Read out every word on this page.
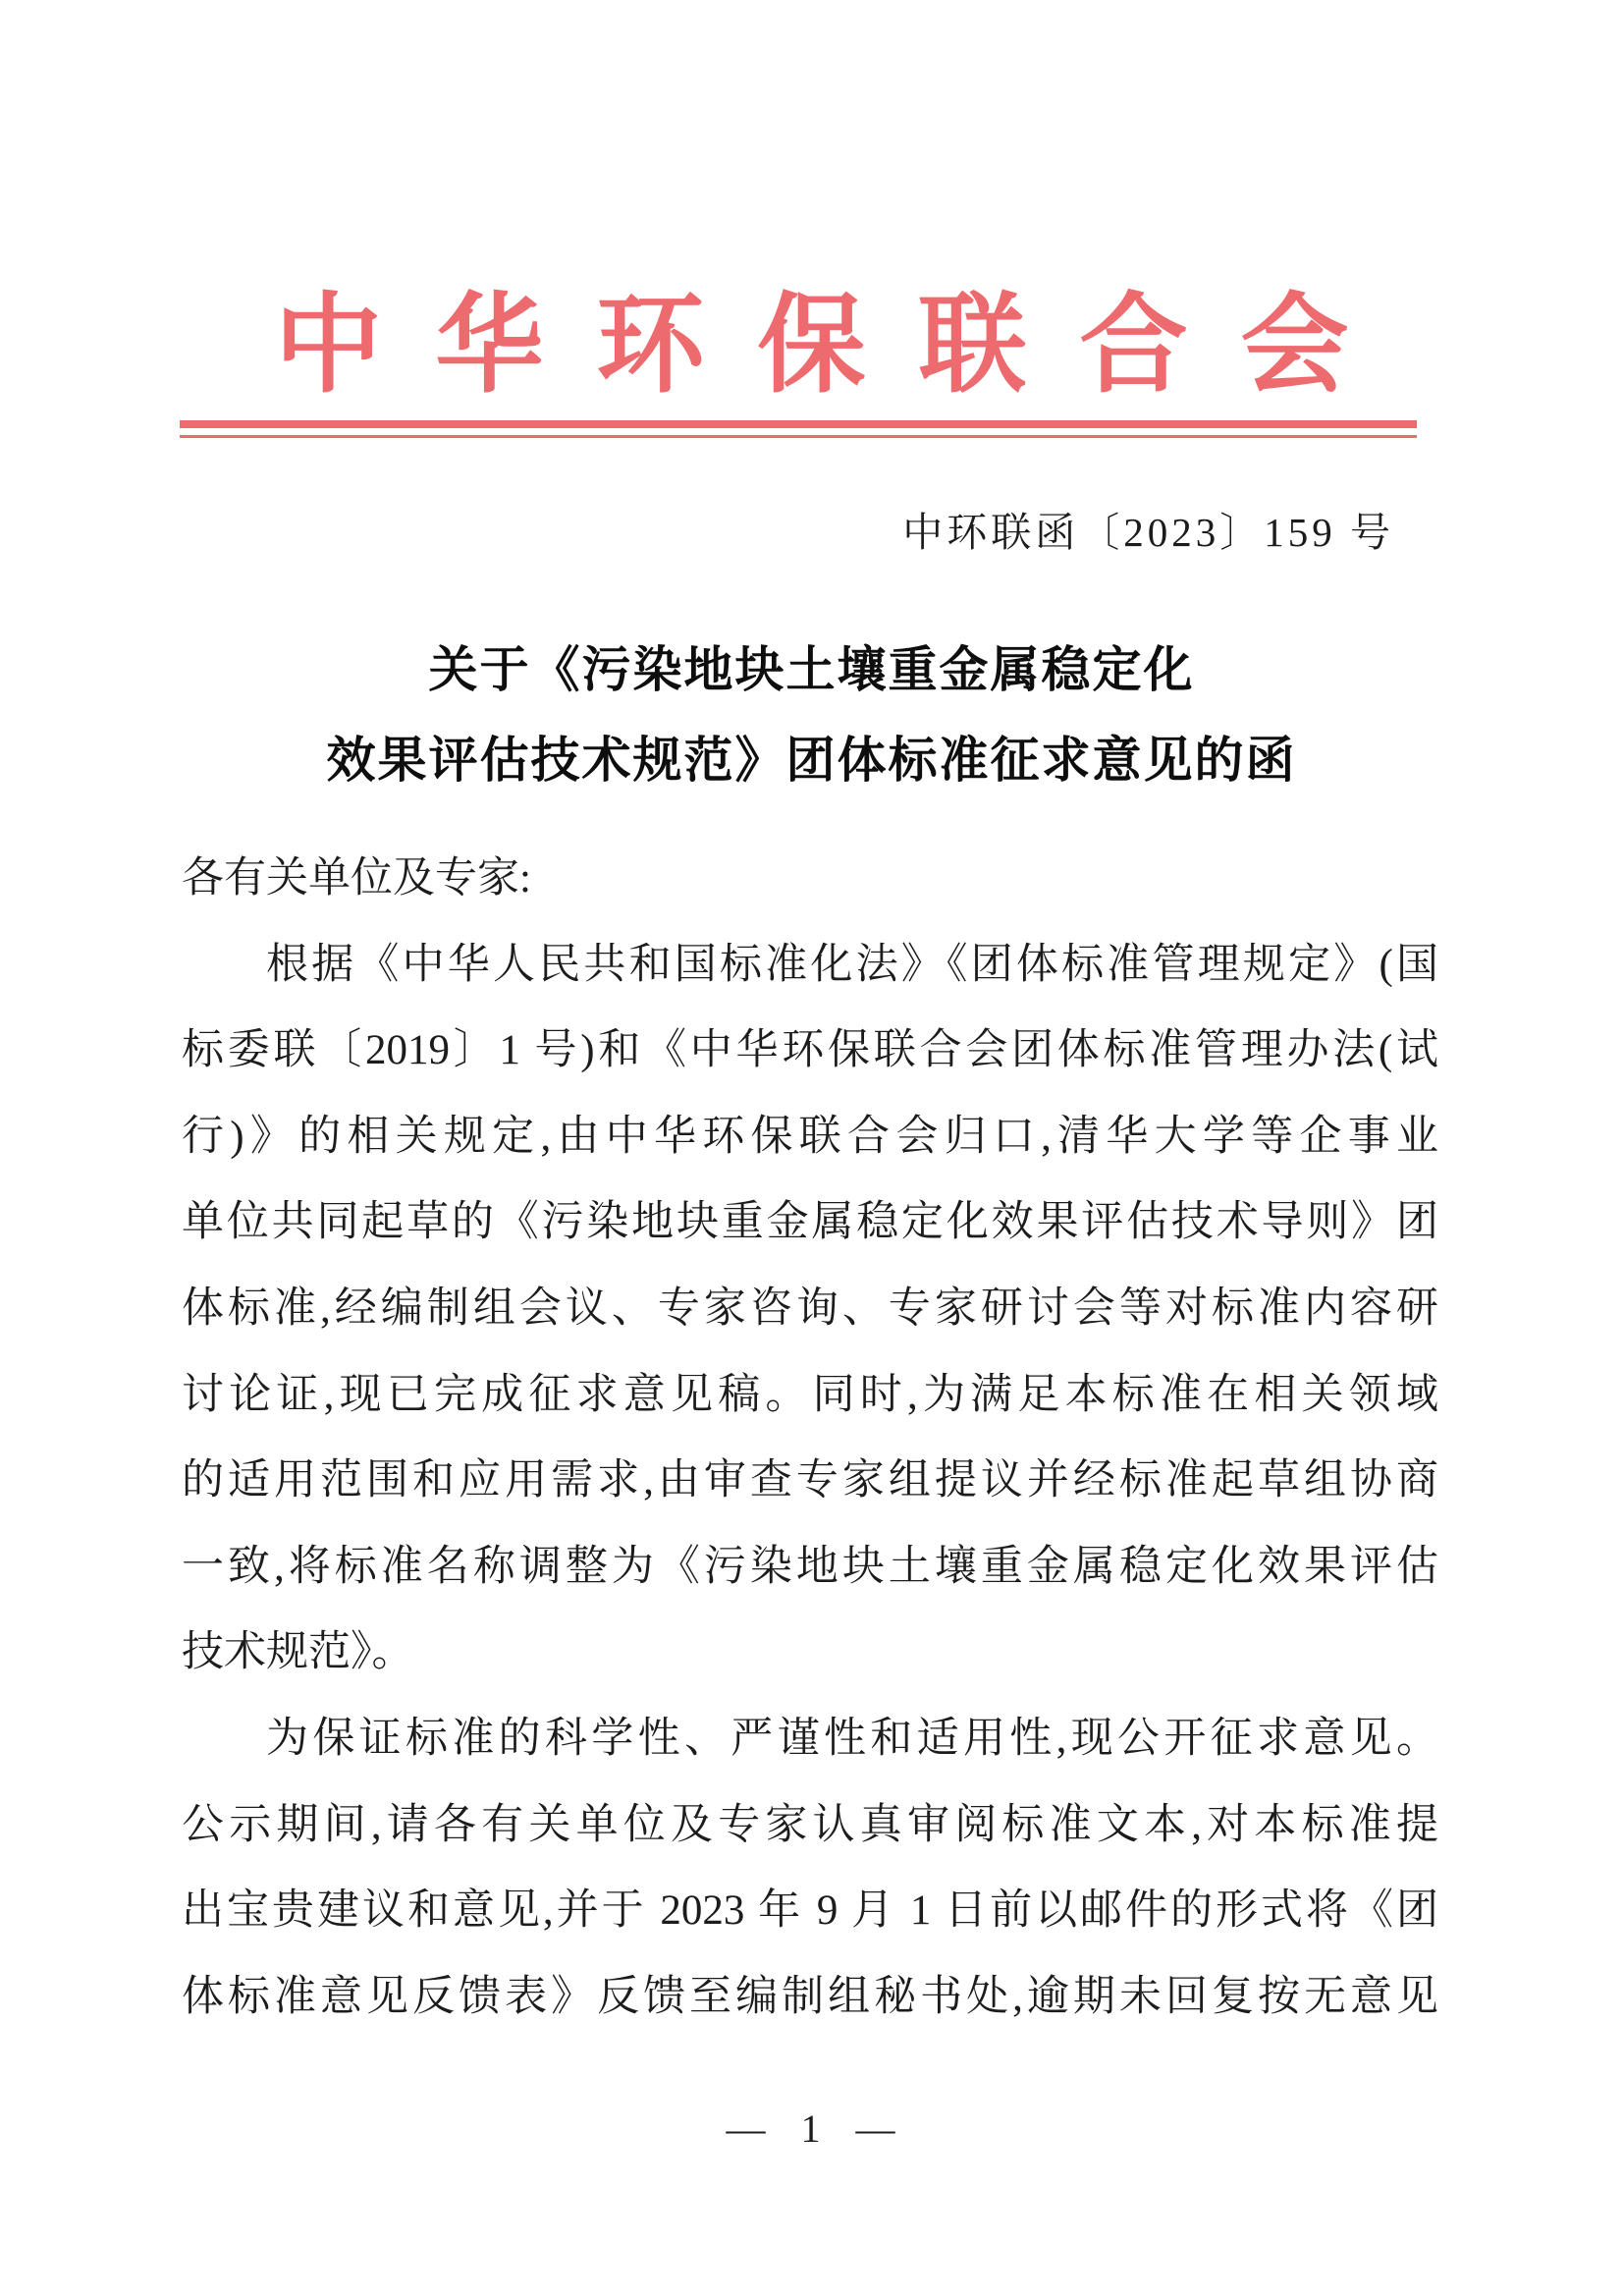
中华环保联合会
中环联函〔2023〕159 号
关于《污染地块土壤重金属稳定化
效果评估技术规范》团体标准征求意见的函
各有关单位及专家:
根据《中华人民共和国标准化法》《团体标准管理规定》(国
标委联〔2019〕1 号)和《中华环保联合会团体标准管理办法(试
行)》的相关规定,由中华环保联合会归口,清华大学等企事业
单位共同起草的《污染地块重金属稳定化效果评估技术导则》团
体标准,经编制组会议、专家咨询、专家研讨会等对标准内容研
讨论证,现已完成征求意见稿。同时,为满足本标准在相关领域
的适用范围和应用需求,由审查专家组提议并经标准起草组协商
一致,将标准名称调整为《污染地块土壤重金属稳定化效果评估
技术规范》。
为保证标准的科学性、严谨性和适用性,现公开征求意见。
公示期间,请各有关单位及专家认真审阅标准文本,对本标准提
出宝贵建议和意见,并于 2023 年 9 月 1 日前以邮件的形式将《团
体标准意见反馈表》反馈至编制组秘书处,逾期未回复按无意见
— 1 —
